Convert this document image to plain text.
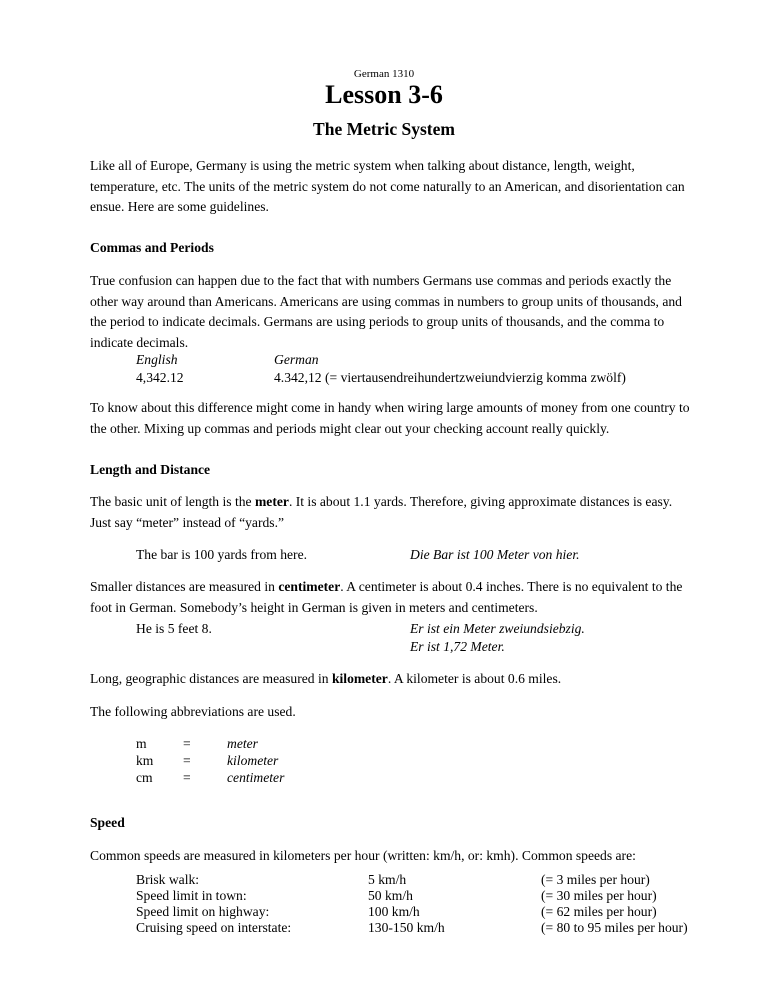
German 1310
Lesson 3-6
The Metric System
Like all of Europe, Germany is using the metric system when talking about distance, length, weight,
temperature, etc. The units of the metric system do not come naturally to an American, and disorientation can
ensue. Here are some guidelines.
Commas and Periods
True confusion can happen due to the fact that with numbers Germans use commas and periods exactly the
other way around than Americans. Americans are using commas in numbers to group units of thousands, and
the period to indicate decimals. Germans are using periods to group units of thousands, and the comma to
indicate decimals.
English	German
4,342.12	4.342,12 (= viertausendreihundertzweiundvierzig komma zwölf)
To know about this difference might come in handy when wiring large amounts of money from one country to
the other. Mixing up commas and periods might clear out your checking account really quickly.
Length and Distance
The basic unit of length is the meter. It is about 1.1 yards. Therefore, giving approximate distances is easy.
Just say “meter” instead of “yards.”
The bar is 100 yards from here.	Die Bar ist 100 Meter von hier.
Smaller distances are measured in centimeter. A centimeter is about 0.4 inches. There is no equivalent to the
foot in German. Somebody’s height in German is given in meters and centimeters.
He is 5 feet 8.	Er ist ein Meter zweiundsiebzig.
Er ist 1,72 Meter.
Long, geographic distances are measured in kilometer. A kilometer is about 0.6 miles.
The following abbreviations are used.
m	=	meter
km =	kilometer
cm =	centimeter
Speed
Common speeds are measured in kilometers per hour (written: km/h, or: kmh). Common speeds are:
Brisk walk:	5 km/h	(= 3 miles per hour)
Speed limit in town:	50 km/h	(= 30 miles per hour)
Speed limit on highway:	100 km/h	(= 62 miles per hour)
Cruising speed on interstate:	130-150 km/h	(= 80 to 95 miles per hour)
